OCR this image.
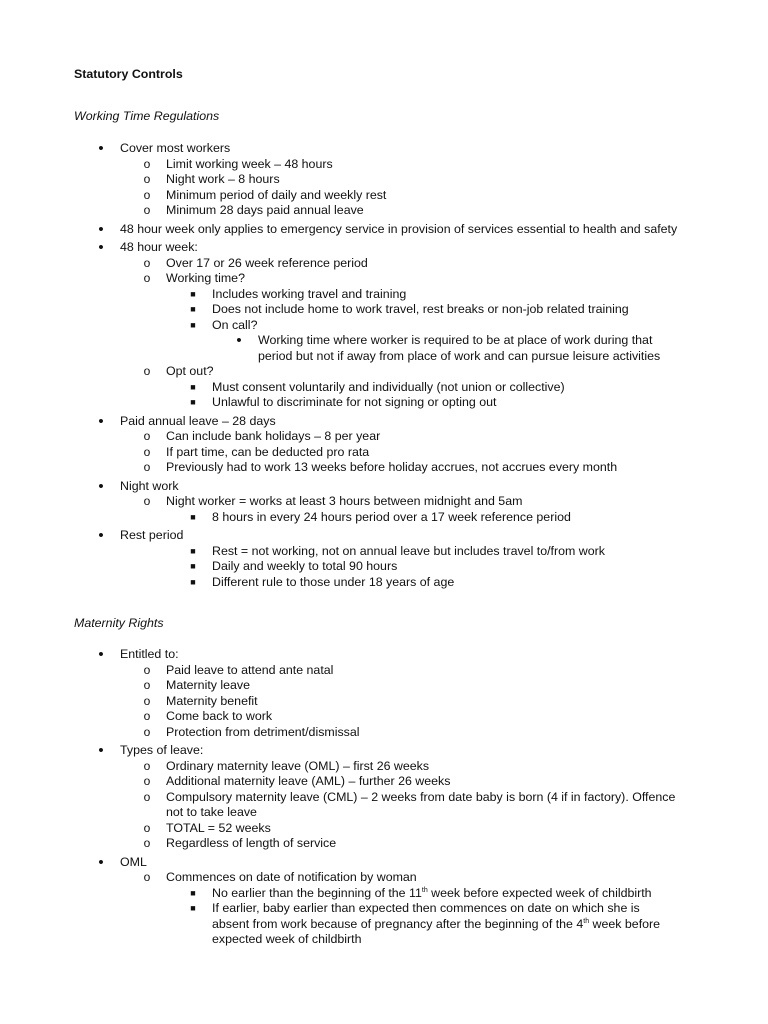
Statutory Controls

Working Time Regulations

•	Cover most workers
o Limit working week – 48 hours
o Night work – 8 hours
o Minimum period of daily and weekly rest
o Minimum 28 days paid annual leave
•	48 hour week only applies to emergency service in provision of services essential to health and safety
•	48 hour week:
o Over 17 or 26 week reference period
o Working time?
■	Includes working travel and training
■	Does not include home to work travel, rest breaks or non-job related training
■	On call?
•	Working time where worker is required to be at place of work during that period but not if away from place of work and can pursue leisure activities
o Opt out?
■	Must consent voluntarily and individually (not union or collective)
■	Unlawful to discriminate for not signing or opting out
•	Paid annual leave – 28 days
o Can include bank holidays – 8 per year
o If part time, can be deducted pro rata
o Previously had to work 13 weeks before holiday accrues, not accrues every month
•	Night work
o Night worker = works at least 3 hours between midnight and 5am
■	8 hours in every 24 hours period over a 17 week reference period
•	Rest period
■	Rest = not working, not on annual leave but includes travel to/from work
■	Daily and weekly to total 90 hours
■	Different rule to those under 18 years of age

Maternity Rights

•	Entitled to:
o Paid leave to attend ante natal
o Maternity leave
o Maternity benefit
o Come back to work
o Protection from detriment/dismissal
•	Types of leave:
o Ordinary maternity leave (OML) – first 26 weeks
o Additional maternity leave (AML) – further 26 weeks
o Compulsory maternity leave (CML) – 2 weeks from date baby is born (4 if in factory). Offence not to take leave
o TOTAL = 52 weeks
o Regardless of length of service
•	OML
o Commences on date of notification by woman
■	No earlier than the beginning of the 11th week before expected week of childbirth
■	If earlier, baby earlier than expected then commences on date on which she is absent from work because of pregnancy after the beginning of the 4th week before expected week of childbirth
